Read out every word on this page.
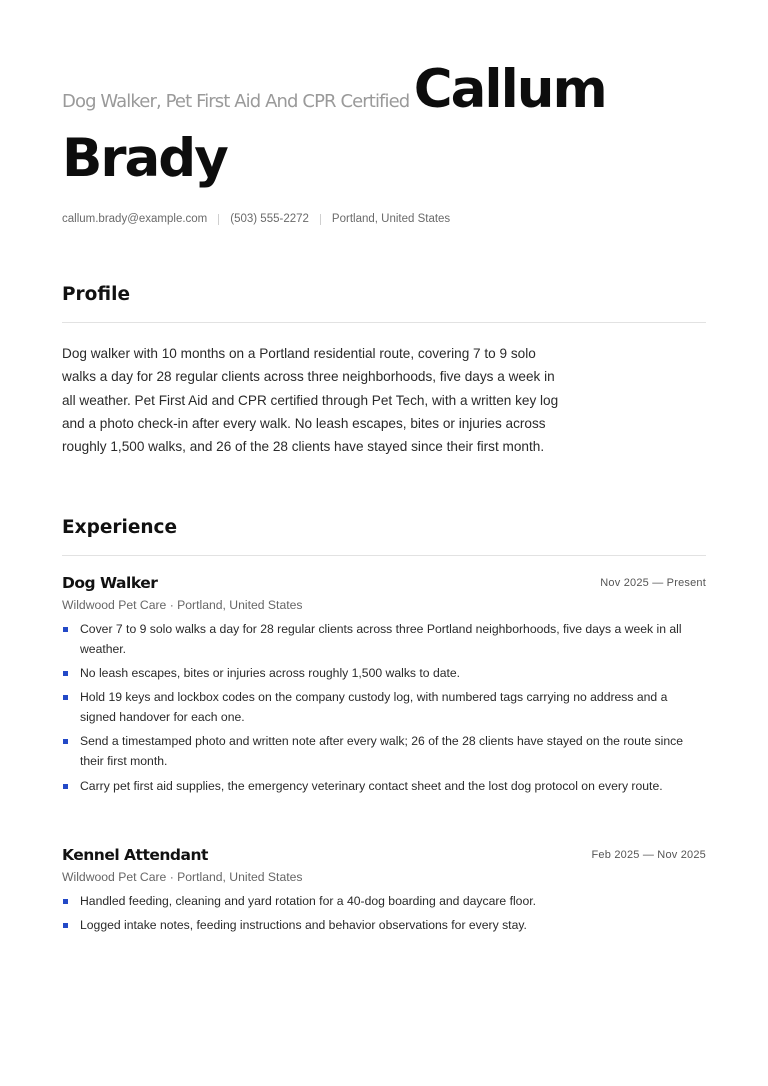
Dog Walker, Pet First Aid And CPR Certified Callum
Brady
callum.brady@example.com (503) 555-2272 Portland, United States
Profile
Dog walker with 10 months on a Portland residential route, covering 7 to 9 solo walks a day for 28 regular clients across three neighborhoods, five days a week in all weather. Pet First Aid and CPR certified through Pet Tech, with a written key log and a photo check-in after every walk. No leash escapes, bites or injuries across roughly 1,500 walks, and 26 of the 28 clients have stayed since their first month.
Experience
Dog Walker	Nov 2025 — Present
Wildwood Pet Care · Portland, United States
Cover 7 to 9 solo walks a day for 28 regular clients across three Portland neighborhoods, five days a week in all weather.
No leash escapes, bites or injuries across roughly 1,500 walks to date.
Hold 19 keys and lockbox codes on the company custody log, with numbered tags carrying no address and a signed handover for each one.
Send a timestamped photo and written note after every walk; 26 of the 28 clients have stayed on the route since their first month.
Carry pet first aid supplies, the emergency veterinary contact sheet and the lost dog protocol on every route.
Kennel Attendant	Feb 2025 — Nov 2025
Wildwood Pet Care · Portland, United States
Handled feeding, cleaning and yard rotation for a 40-dog boarding and daycare floor.
Logged intake notes, feeding instructions and behavior observations for every stay.
